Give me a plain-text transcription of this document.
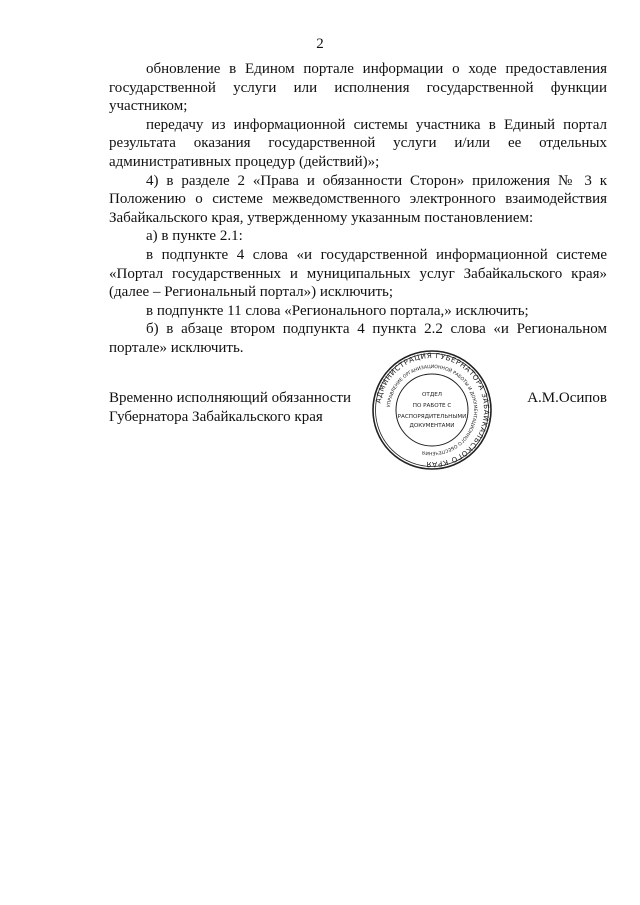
2

обновление в Едином портале информации о ходе предоставления государственной услуги или исполнения государственной функции участником;

передачу из информационной системы участника в Единый портал результата оказания государственной услуги и/или ее отдельных административных процедур (действий)»;

4) в разделе 2 «Права и обязанности Сторон» приложения № 3 к Положению о системе межведомственного электронного взаимодействия Забайкальского края, утвержденному указанным постановлением:

а) в пункте 2.1:

в подпункте 4 слова «и государственной информационной системе «Портал государственных и муниципальных услуг Забайкальского края» (далее – Региональный портал») исключить;

в подпункте 11 слова «Регионального портала,» исключить;

б) в абзаце втором подпункта 4 пункта 2.2 слова «и Региональном портале» исключить.

Временно исполняющий обязанности
Губернатора Забайкальского края
А.М.Осипов
АДМИНИСТРАЦИЯ ГУБЕРНАТОРА ЗАБАЙКАЛЬСКОГО КРАЯ
УПРАВЛЕНИЕ ОРГАНИЗАЦИОННОЙ РАБОТЫ И ДОКУМЕНТАЦИОННОГО ОБЕСПЕЧЕНИЯ
ОТДЕЛ
ПО РАБОТЕ С
РАСПОРЯДИТЕЛЬНЫМИ
ДОКУМЕНТАМИ
